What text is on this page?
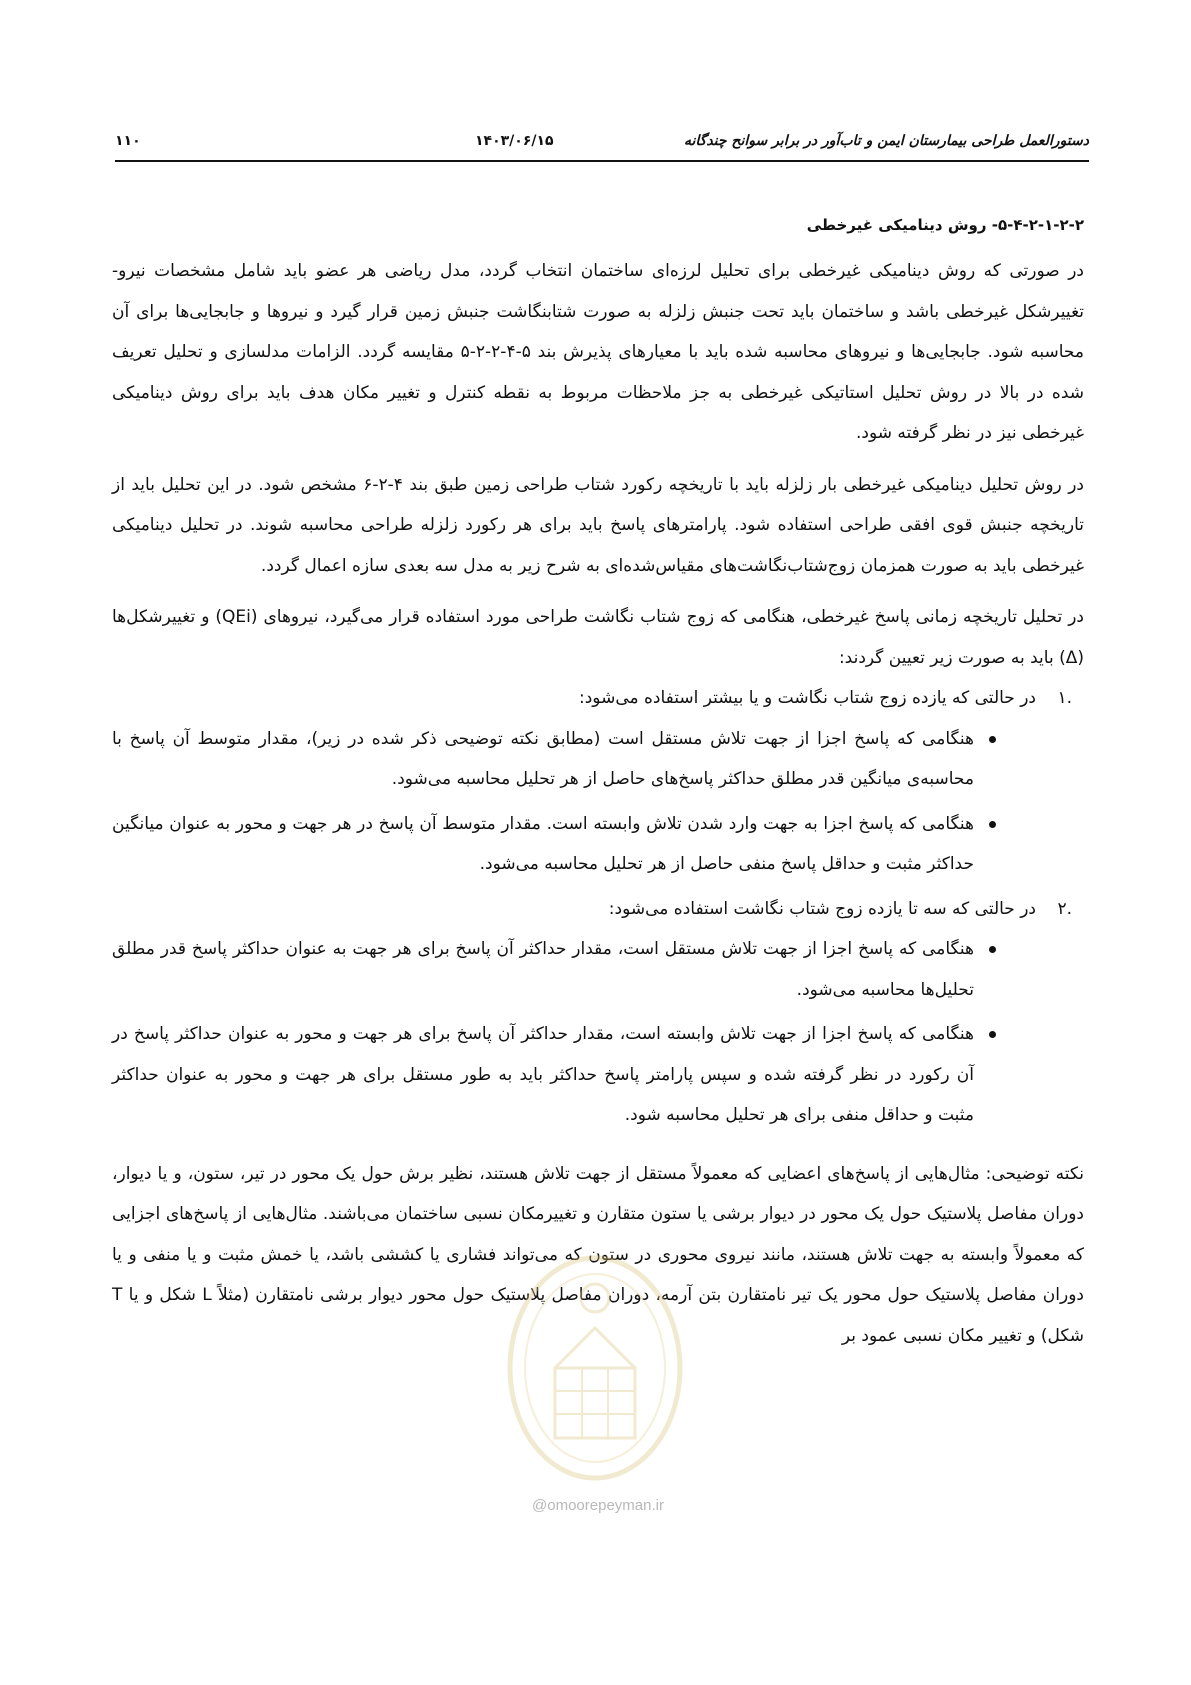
دستورالعمل طراحی بیمارستان ایمن و تاب‌آور در برابر سوانح چندگانه
۱۴۰۳/۰۶/۱۵
۱۱۰
۵-۴-۲-۱-۲-۲- روش دینامیکی غیرخطی

در صورتی که روش دینامیکی غیرخطی برای تحلیل لرزه‌ای ساختمان انتخاب گردد، مدل ریاضی هر عضو باید شامل مشخصات نیرو- تغییرشکل غیرخطی باشد و ساختمان باید تحت جنبش زلزله به صورت شتابنگاشت جنبش زمین قرار گیرد و نیروها و جابجایی‌ها برای آن محاسبه شود. جابجایی‌ها و نیروهای محاسبه شده باید با معیارهای پذیرش بند ۵-۴-۲-۲-۵ مقایسه گردد. الزامات مدلسازی و تحلیل تعریف شده در بالا در روش تحلیل استاتیکی غیرخطی به جز ملاحظات مربوط به نقطه کنترل و تغییر مکان هدف باید برای روش دینامیکی غیرخطی نیز در نظر گرفته شود.

در روش تحلیل دینامیکی غیرخطی بار زلزله باید با تاریخچه رکورد شتاب طراحی زمین طبق بند ۴-۲-۶ مشخص شود. در این تحلیل باید از تاریخچه جنبش قوی افقی طراحی استفاده شود. پارامترهای پاسخ باید برای هر رکورد زلزله طراحی محاسبه شوند. در تحلیل دینامیکی غیرخطی باید به صورت همزمان زوج‌شتاب‌نگاشت‌های مقیاس‌شده‌ای به شرح زیر به مدل سه بعدی سازه اعمال گردد.

در تحلیل تاریخچه زمانی پاسخ غیرخطی، هنگامی که زوج شتاب نگاشت طراحی مورد استفاده قرار می‌گیرد، نیروهای (QEi) و تغییرشکل‌ها (Δ) باید به صورت زیر تعیین گردند:

.۱
در حالتی که یازده زوج شتاب نگاشت و یا بیشتر استفاده می‌شود:
هنگامی که پاسخ اجزا از جهت تلاش مستقل است (مطابق نکته توضیحی ذکر شده در زیر)، مقدار متوسط آن پاسخ با محاسبه‌ی میانگین قدر مطلق حداکثر پاسخ‌های حاصل از هر تحلیل محاسبه می‌شود.
هنگامی که پاسخ اجزا به جهت وارد شدن تلاش وابسته است. مقدار متوسط آن پاسخ در هر جهت و محور به عنوان میانگین حداکثر مثبت و حداقل پاسخ منفی حاصل از هر تحلیل محاسبه می‌شود.
.۲
در حالتی که سه تا یازده زوج شتاب نگاشت استفاده می‌شود:
هنگامی که پاسخ اجزا از جهت تلاش مستقل است، مقدار حداکثر آن پاسخ برای هر جهت به عنوان حداکثر پاسخ قدر مطلق تحلیل‌ها محاسبه می‌شود.
هنگامی که پاسخ اجزا از جهت تلاش وابسته است، مقدار حداکثر آن پاسخ برای هر جهت و محور به عنوان حداکثر پاسخ در آن رکورد در نظر گرفته شده و سپس پارامتر پاسخ حداکثر باید به طور مستقل برای هر جهت و محور به عنوان حداکثر مثبت و حداقل منفی برای هر تحلیل محاسبه شود.

نکته توضیحی: مثال‌هایی از پاسخ‌های اعضایی که معمولاً مستقل از جهت تلاش هستند، نظیر برش حول یک محور در تیر، ستون، و یا دیوار، دوران مفاصل پلاستیک حول یک محور در دیوار برشی یا ستون متقارن و تغییرمکان نسبی ساختمان می‌باشند. مثال‌هایی از پاسخ‌های اجزایی که معمولاً وابسته به جهت تلاش هستند، مانند نیروی محوری در ستون که می‌تواند فشاری یا کششی باشد، یا خمش مثبت و یا منفی و یا دوران مفاصل پلاستیک حول محور یک تیر نامتقارن بتن آرمه، دوران مفاصل پلاستیک حول محور دیوار برشی نامتقارن (مثلاً L شکل و یا T شکل) و تغییر مکان نسبی عمود بر

@omoorepeyman.ir
